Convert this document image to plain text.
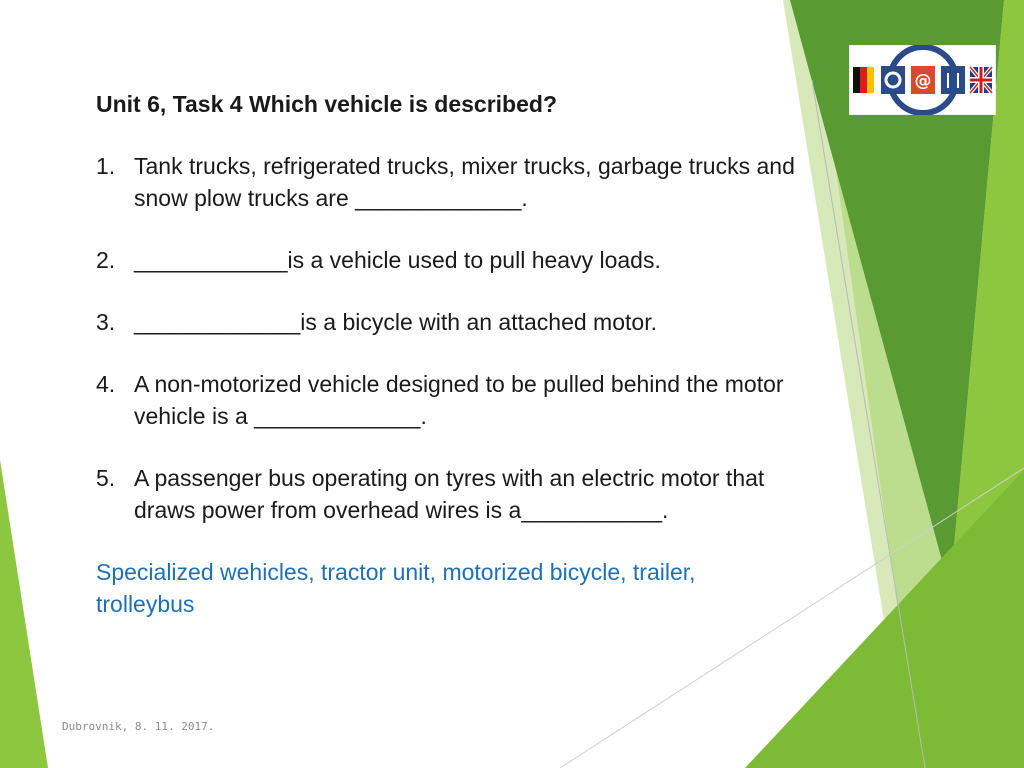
@
Unit 6, Task 4 Which vehicle is described?
1. Tank trucks, refrigerated trucks, mixer trucks, garbage trucks and snow plow trucks are _____________.
2. ____________is a vehicle used to pull heavy loads.
3. _____________is a bicycle with an attached motor.
4. A non-motorized vehicle designed to be pulled behind the motor vehicle is a _____________.
5. A passenger bus operating on tyres with an electric motor that draws power from overhead wires is a___________.
Specialized wehicles, tractor unit, motorized bicycle, trailer, trolleybus
Dubrovnik, 8. 11. 2017.
